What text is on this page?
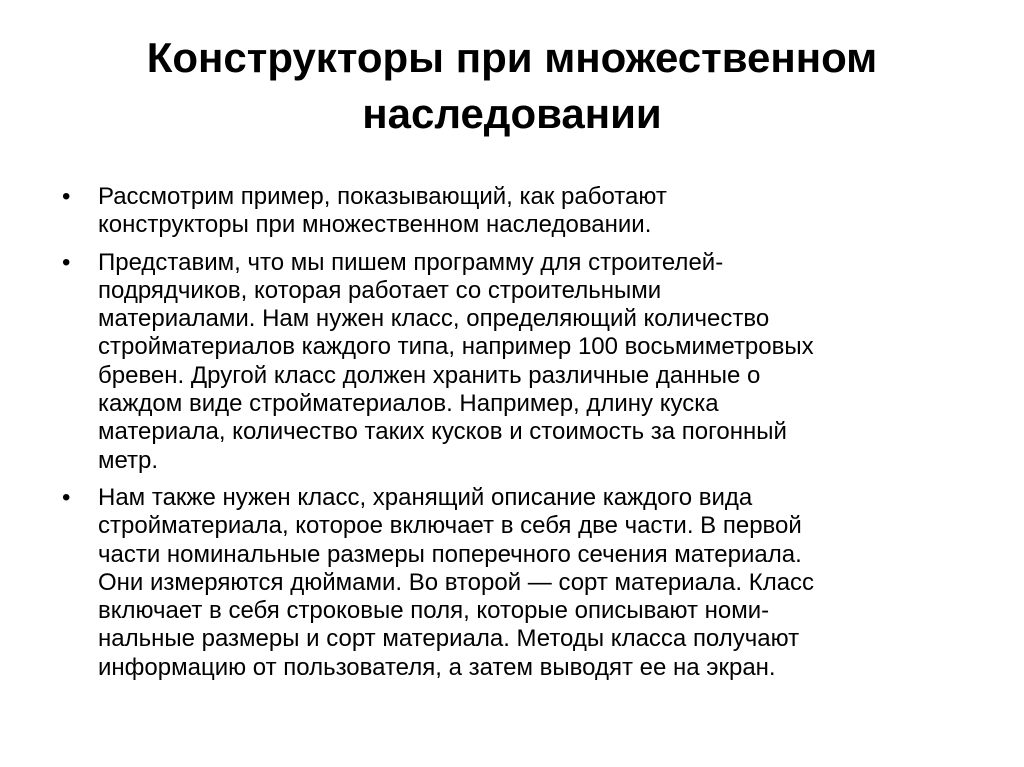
Конструкторы при множественном
наследовании
• Рассмотрим пример, показывающий, как работают
конструкторы при множественном наследовании.
• Представим, что мы пишем программу для строителей-
подрядчиков, которая работает со строительными
материалами. Нам нужен класс, определяющий количество
стройматериалов каждого типа, например 100 восьмиметровых
бревен. Другой класс должен хранить различные данные о
каждом виде стройматериалов. Например, длину куска
материала, количество таких кусков и стоимость за погонный
метр.
• Нам также нужен класс, хранящий описание каждого вида
стройматериала, которое включает в себя две части. В первой
части номинальные размеры поперечного сечения материала.
Они измеряются дюймами. Во второй — сорт материала. Класс
включает в себя строковые поля, которые описывают номи-
нальные размеры и сорт материала. Методы класса получают
информацию от пользователя, а затем выводят ее на экран.
